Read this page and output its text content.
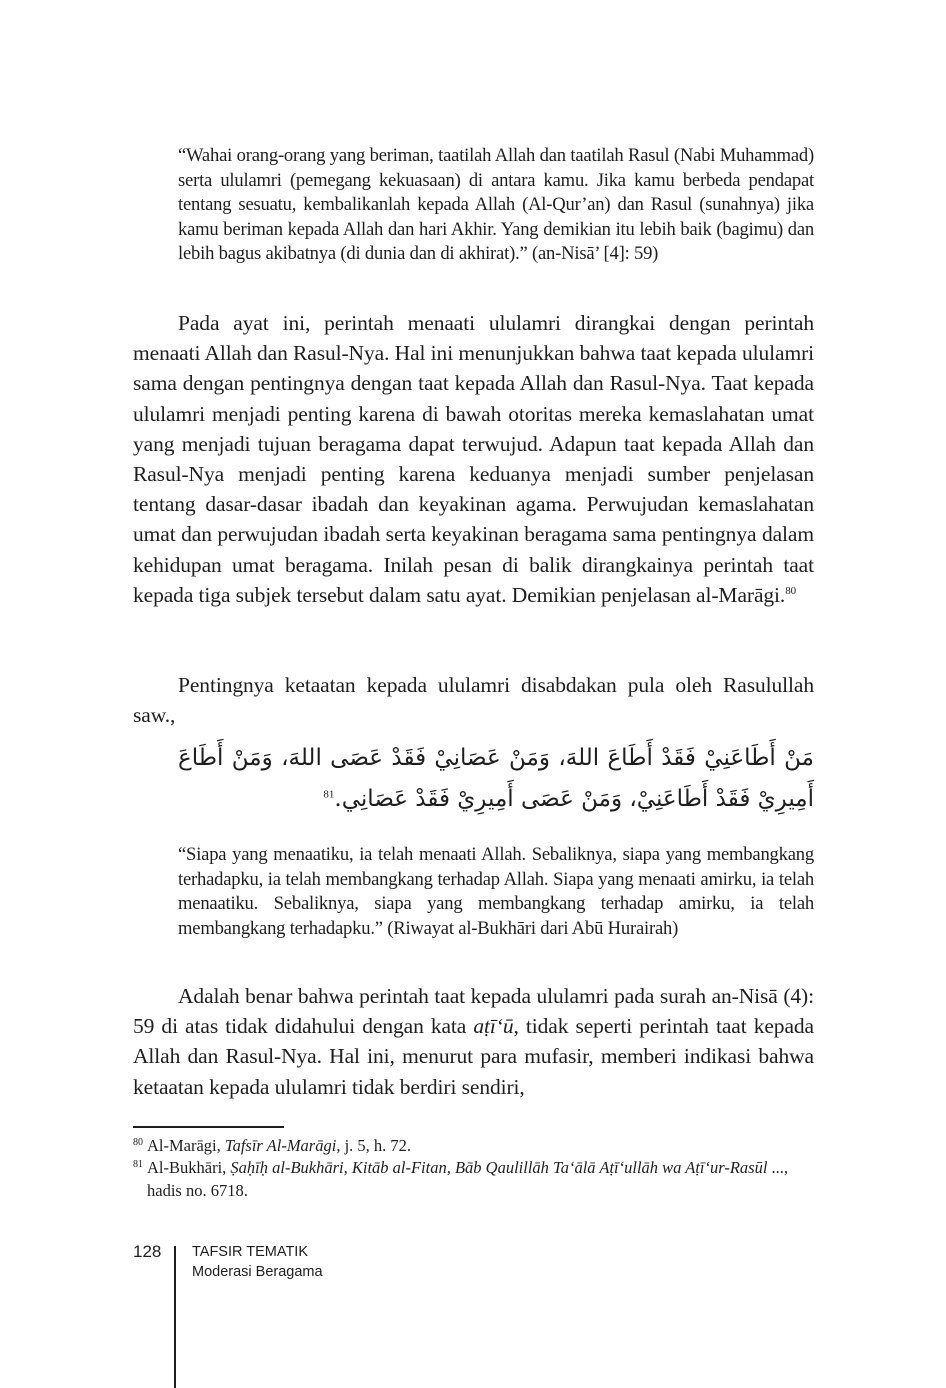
“Wahai orang-orang yang beriman, taatilah Allah dan taatilah Rasul (Nabi Muhammad) serta ululamri (pemegang kekuasaan) di antara kamu. Jika kamu berbeda pendapat tentang sesuatu, kembalikanlah kepada Allah (Al-Qur’an) dan Rasul (sunahnya) jika kamu beriman kepada Allah dan hari Akhir. Yang demikian itu lebih baik (bagimu) dan lebih bagus akibatnya (di dunia dan di akhirat).” (an-Nisā’ [4]: 59)
Pada ayat ini, perintah menaati ululamri dirangkai dengan perintah menaati Allah dan Rasul-Nya. Hal ini menunjukkan bahwa taat kepada ululamri sama dengan pentingnya dengan taat kepada Allah dan Rasul-Nya. Taat kepada ululamri menjadi penting karena di bawah otoritas mereka kemaslahatan umat yang menjadi tujuan beragama dapat terwujud. Adapun taat kepada Allah dan Rasul-Nya menjadi penting karena keduanya menjadi sumber penjelasan tentang dasar-dasar ibadah dan keyakinan agama. Perwujudan kemaslahatan umat dan perwujudan ibadah serta keyakinan beragama sama pentingnya dalam kehidupan umat beragama. Inilah pesan di balik dirangkainya perintah taat kepada tiga subjek tersebut dalam satu ayat. Demikian penjelasan al-Marāgi.$^{80}$
Pentingnya ketaatan kepada ululamri disabdakan pula oleh Rasulullah saw.,
مَنْ أَطَاعَنِيْ فَقَدْ أَطَاعَ اللهَ، وَمَنْ عَصَانِيْ فَقَدْ عَصَى اللهَ، وَمَنْ أَطَاعَ أَمِيرِيْ فَقَدْ أَطَاعَنِيْ، وَمَنْ عَصَى أَمِيرِيْ فَقَدْ عَصَانِي.$^{81}$
“Siapa yang menaatiku, ia telah menaati Allah. Sebaliknya, siapa yang membangkang terhadapku, ia telah membangkang terhadap Allah. Siapa yang menaati amirku, ia telah menaatiku. Sebaliknya, siapa yang membangkang terhadap amirku, ia telah membangkang terhadapku.” (Riwayat al-Bukhāri dari Abū Hurairah)
Adalah benar bahwa perintah taat kepada ululamri pada surah an-Nisā (4): 59 di atas tidak didahului dengan kata aṭī‘ū, tidak seperti perintah taat kepada Allah dan Rasul-Nya. Hal ini, menurut para mufasir, memberi indikasi bahwa ketaatan kepada ululamri tidak berdiri sendiri,
80 Al-Marāgi, Tafsīr Al-Marāgi, j. 5, h. 72.
81 Al-Bukhāri, Ṣaḥīḥ al-Bukhāri, Kitāb al-Fitan, Bāb Qaulillāh Ta‘ālā Aṭī‘ullāh wa Aṭī‘ur-Rasūl ..., hadis no. 6718.
128 TAFSIR TEMATIK
Moderasi Beragama
